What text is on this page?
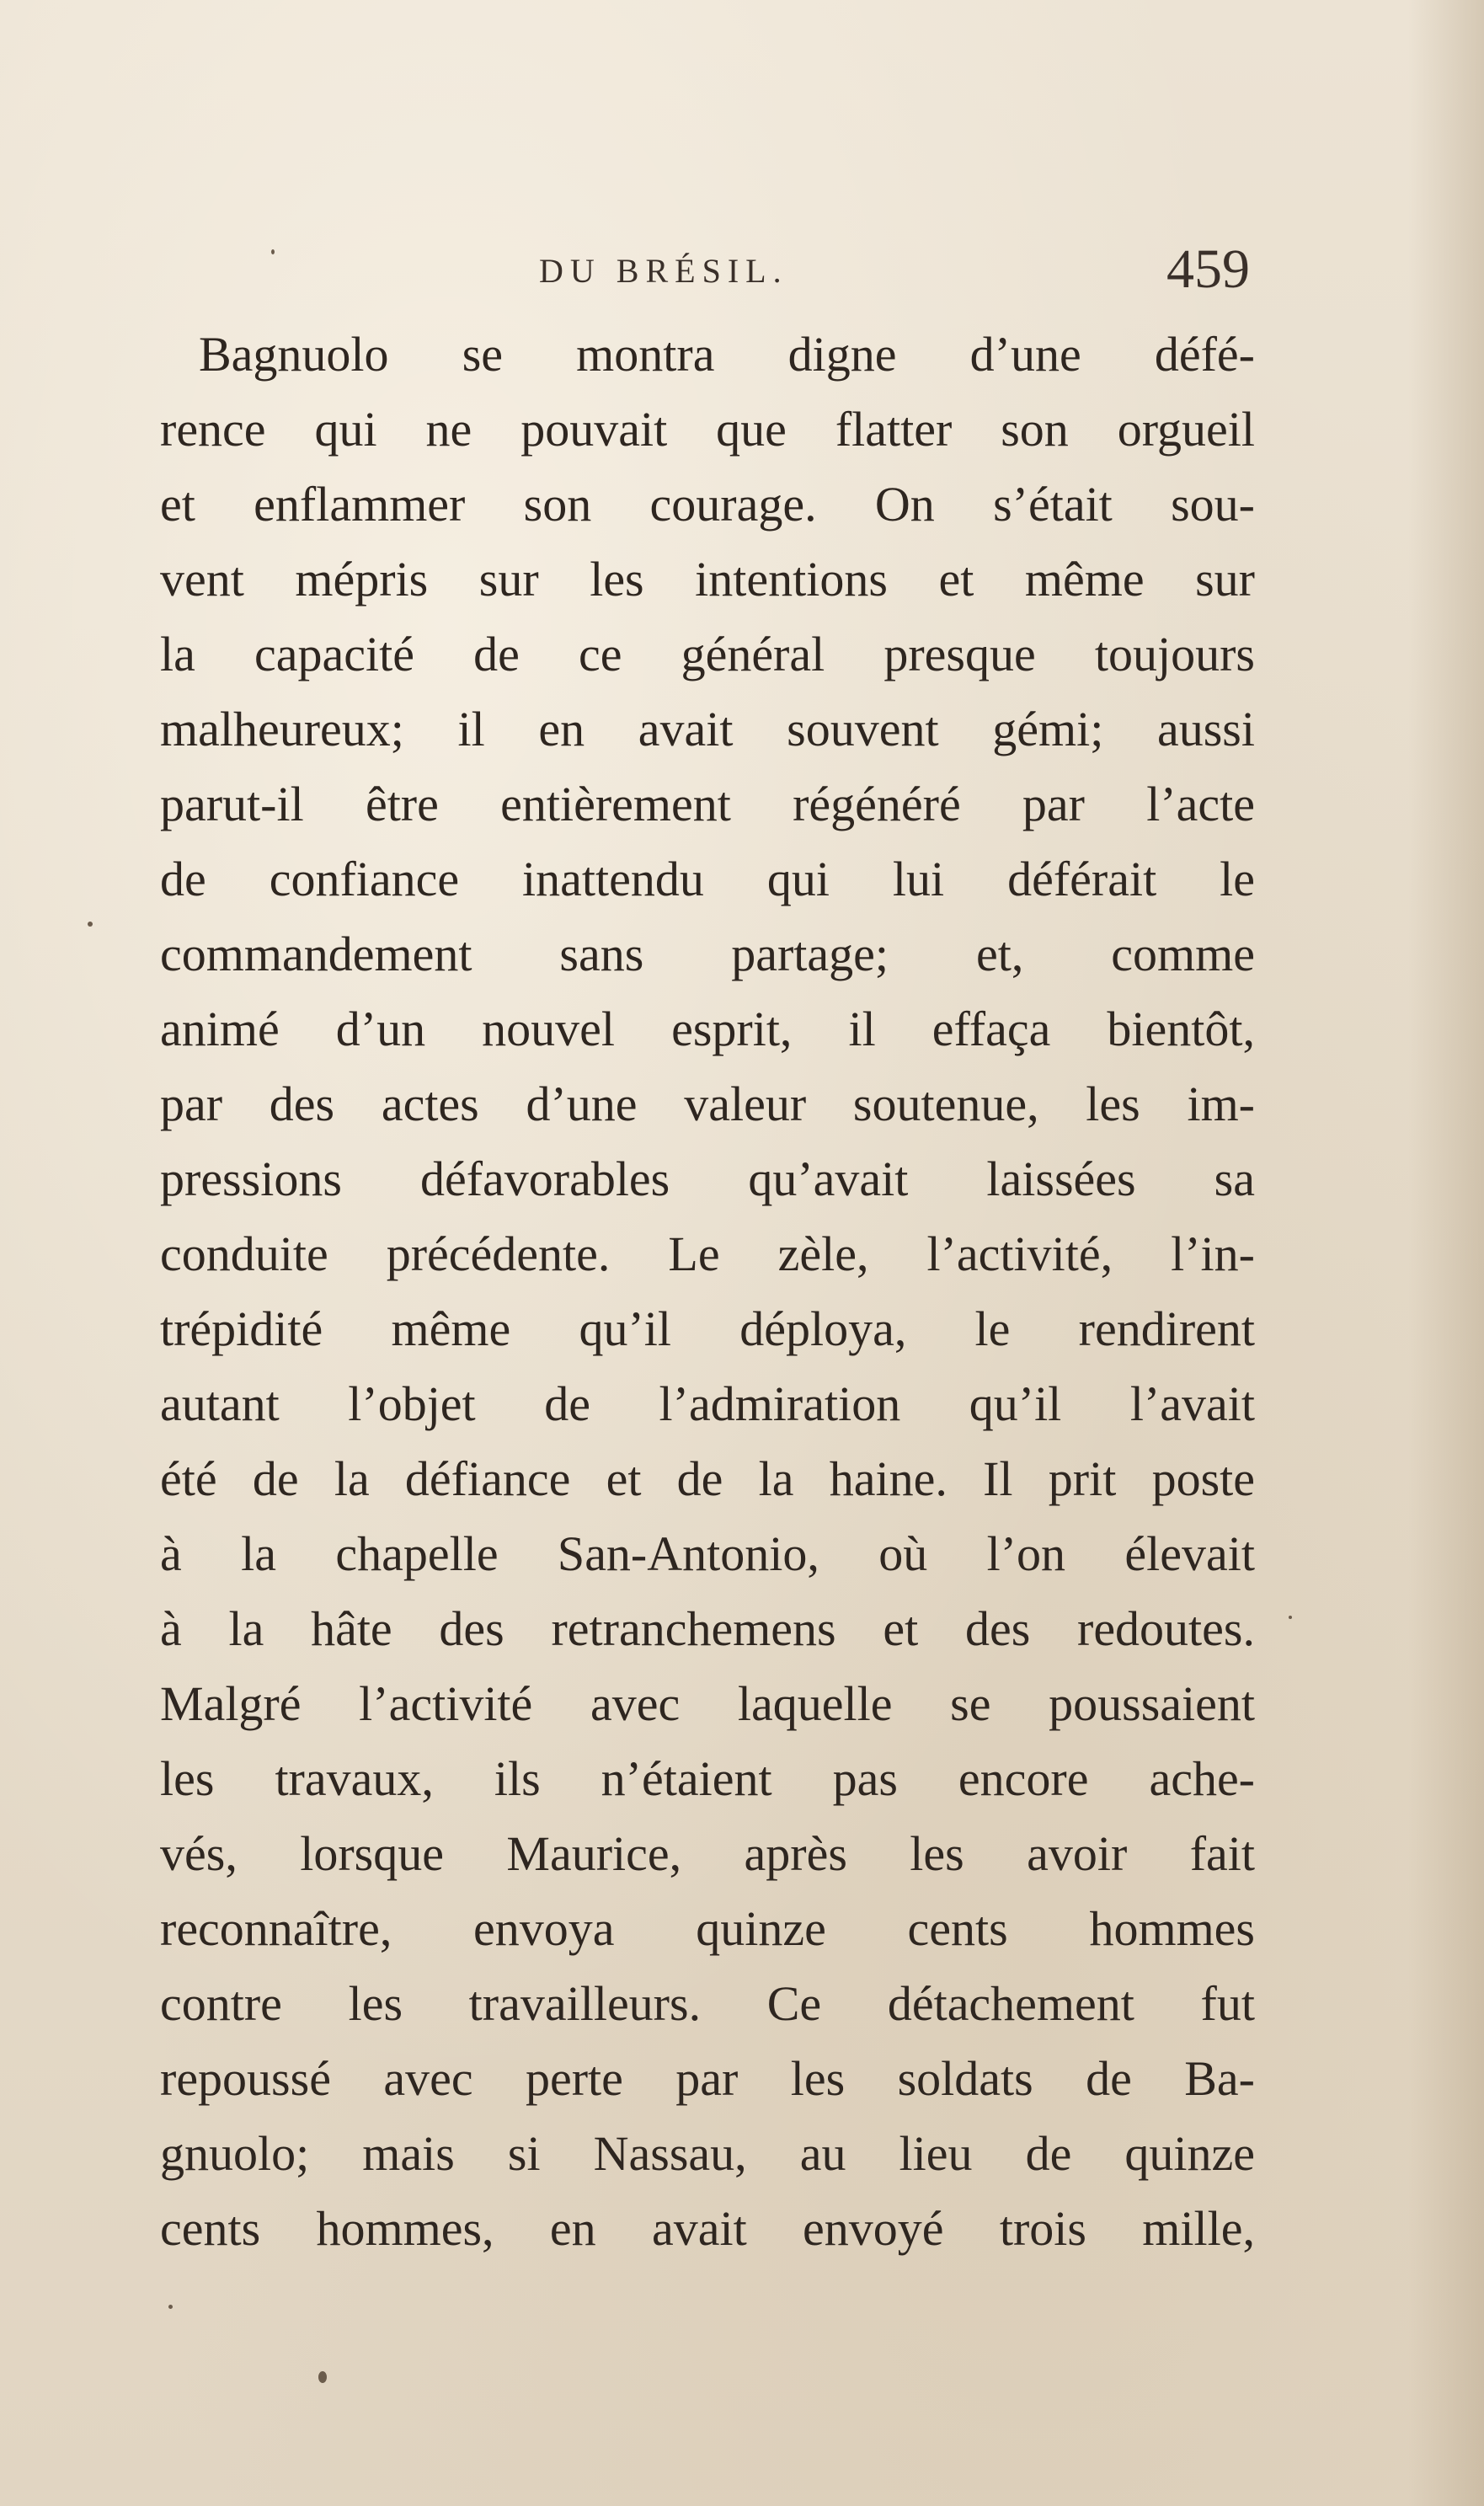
DU BRÉSIL.	459
Bagnuolo se montra digne d’une défé-
rence qui ne pouvait que flatter son orgueil
et enflammer son courage. On s’était sou-
vent mépris sur les intentions et même sur
la capacité de ce général presque toujours
malheureux; il en avait souvent gémi; aussi
parut-il être entièrement régénéré par l’acte
de confiance inattendu qui lui déférait le
commandement sans partage; et, comme
animé d’un nouvel esprit, il effaça bientôt,
par des actes d’une valeur soutenue, les im-
pressions défavorables qu’avait laissées sa
conduite précédente. Le zèle, l’activité, l’in-
trépidité même qu’il déploya, le rendirent
autant l’objet de l’admiration qu’il l’avait
été de la défiance et de la haine. Il prit poste
à la chapelle San-Antonio, où l’on élevait
à la hâte des retranchemens et des redoutes.
Malgré l’activité avec laquelle se poussaient
les travaux, ils n’étaient pas encore ache-
vés, lorsque Maurice, après les avoir fait
reconnaître, envoya quinze cents hommes
contre les travailleurs. Ce détachement fut
repoussé avec perte par les soldats de Ba-
gnuolo; mais si Nassau, au lieu de quinze
cents hommes, en avait envoyé trois mille,
